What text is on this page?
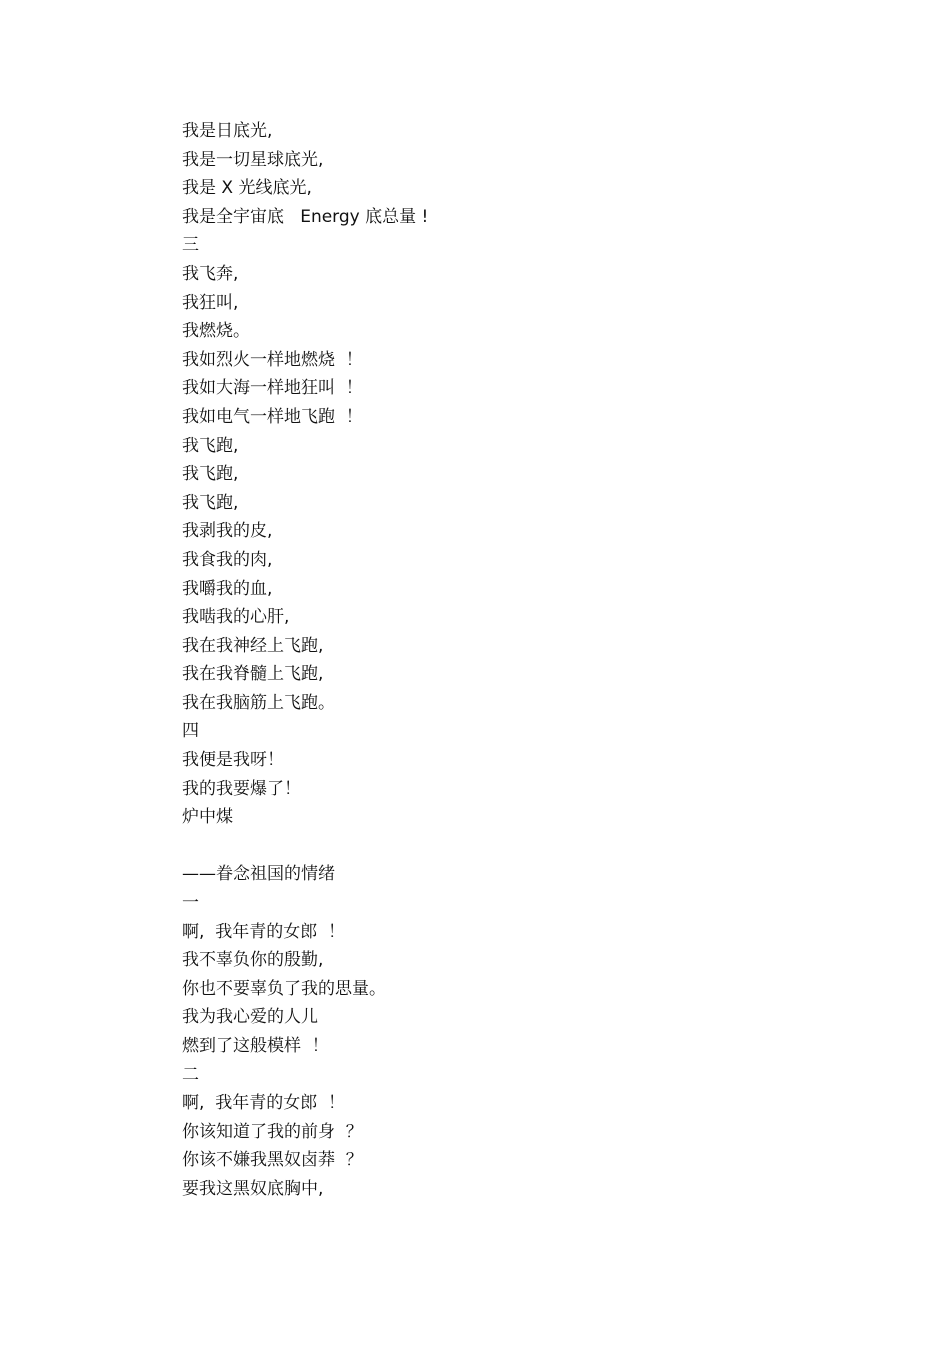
我是日底光,
我是一切星球底光,
我是 X 光线底光,
我是全宇宙底   Energy 底总量 !
三
我飞奔,
我狂叫,
我燃烧。
我如烈火一样地燃烧  ！
我如大海一样地狂叫  ！
我如电气一样地飞跑  ！
我飞跑,
我飞跑,
我飞跑,
我剥我的皮,
我食我的肉,
我嚼我的血,
我啮我的心肝,
我在我神经上飞跑,
我在我脊髓上飞跑,
我在我脑筋上飞跑。
四
我便是我呀！
我的我要爆了！
炉中煤
——眷念祖国的情绪
一
啊,  我年青的女郎  ！
我不辜负你的殷勤,
你也不要辜负了我的思量。
我为我心爱的人儿
燃到了这般模样  ！
二
啊,  我年青的女郎  ！
你该知道了我的前身  ？
你该不嫌我黑奴卤莽  ？
要我这黑奴底胸中,
